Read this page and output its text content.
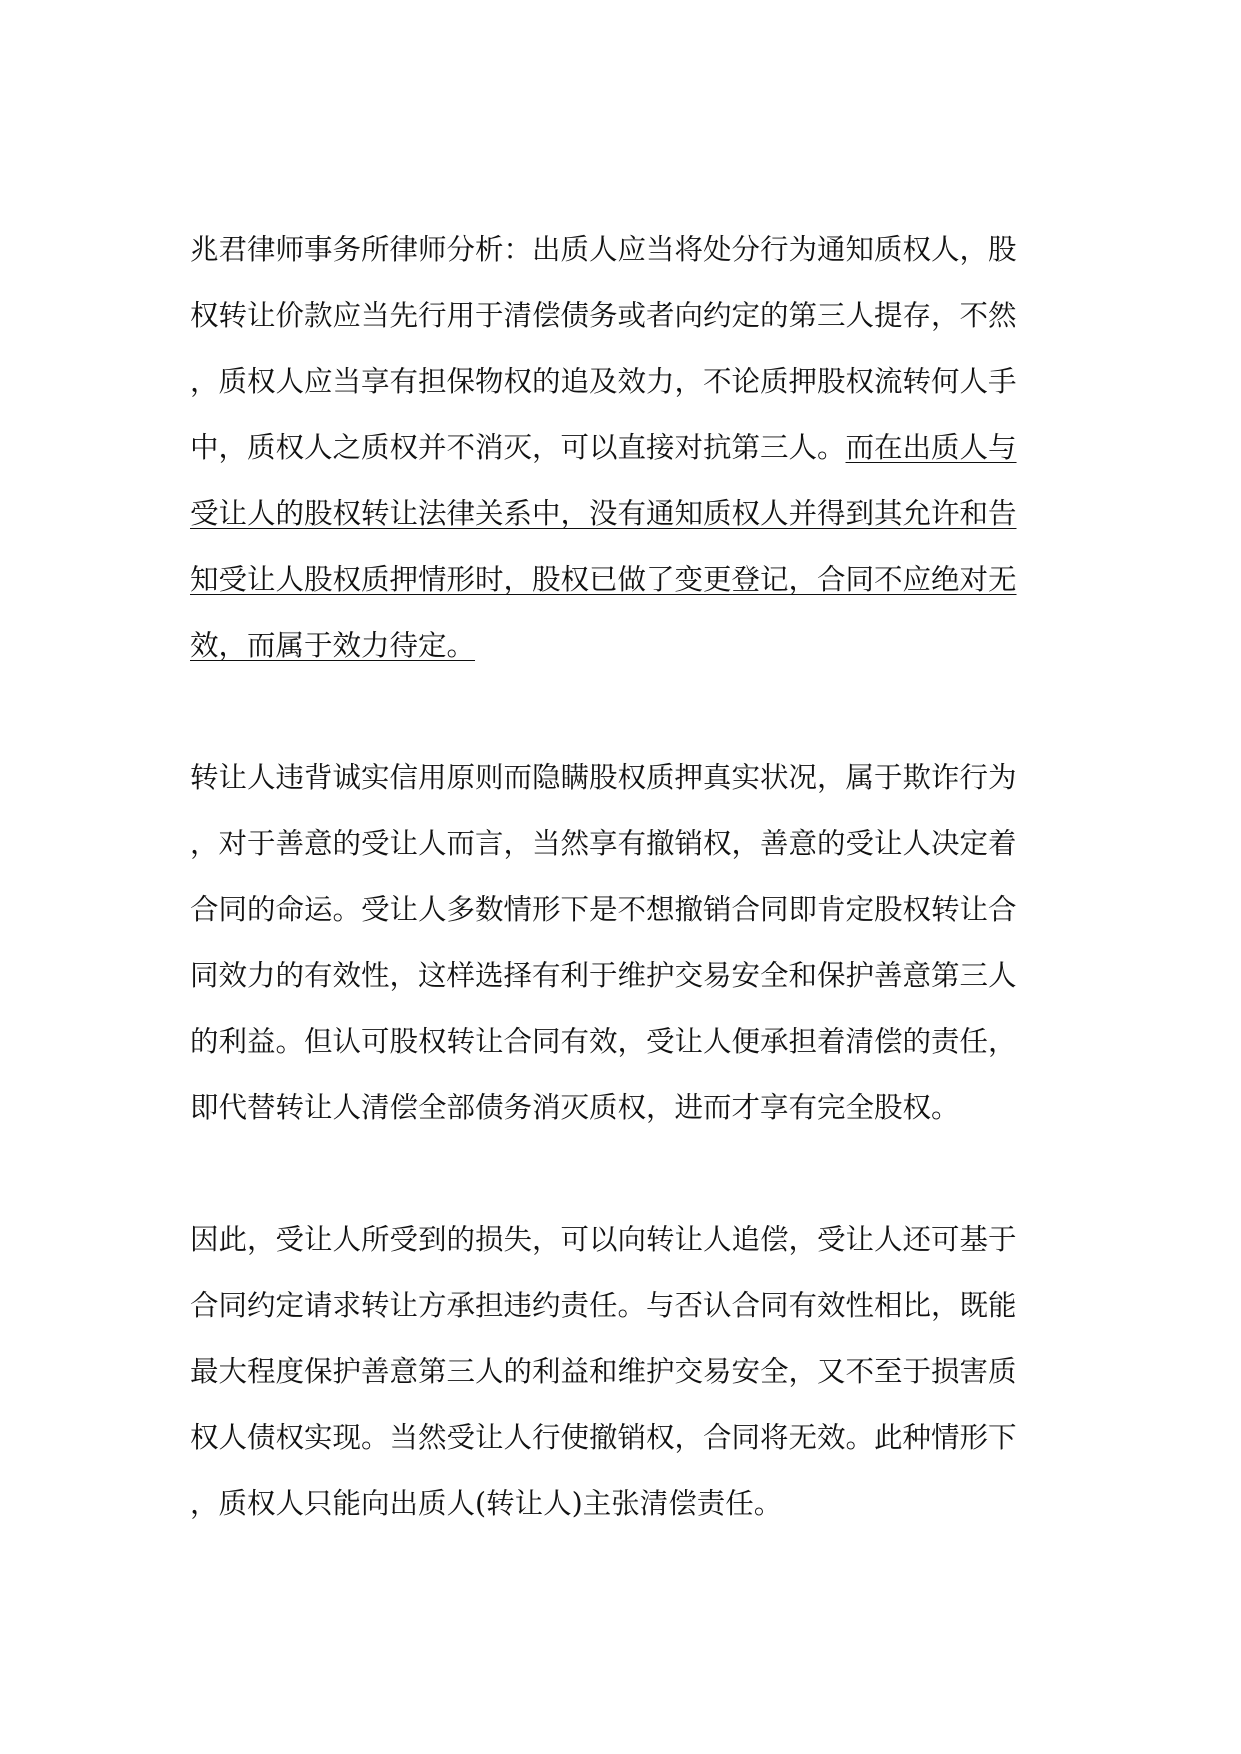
兆君律师事务所律师分析：出质人应当将处分行为通知质权人，股
权转让价款应当先行用于清偿债务或者向约定的第三人提存，不然
，质权人应当享有担保物权的追及效力，不论质押股权流转何人手
中，质权人之质权并不消灭，可以直接对抗第三人。而在出质人与
受让人的股权转让法律关系中，没有通知质权人并得到其允许和告
知受让人股权质押情形时，股权已做了变更登记，合同不应绝对无
效，而属于效力待定。
转让人违背诚实信用原则而隐瞒股权质押真实状况，属于欺诈行为
，对于善意的受让人而言，当然享有撤销权，善意的受让人决定着
合同的命运。受让人多数情形下是不想撤销合同即肯定股权转让合
同效力的有效性，这样选择有利于维护交易安全和保护善意第三人
的利益。但认可股权转让合同有效，受让人便承担着清偿的责任，
即代替转让人清偿全部债务消灭质权，进而才享有完全股权。
因此，受让人所受到的损失，可以向转让人追偿，受让人还可基于
合同约定请求转让方承担违约责任。与否认合同有效性相比，既能
最大程度保护善意第三人的利益和维护交易安全，又不至于损害质
权人债权实现。当然受让人行使撤销权，合同将无效。此种情形下
，质权人只能向出质人(转让人)主张清偿责任。
